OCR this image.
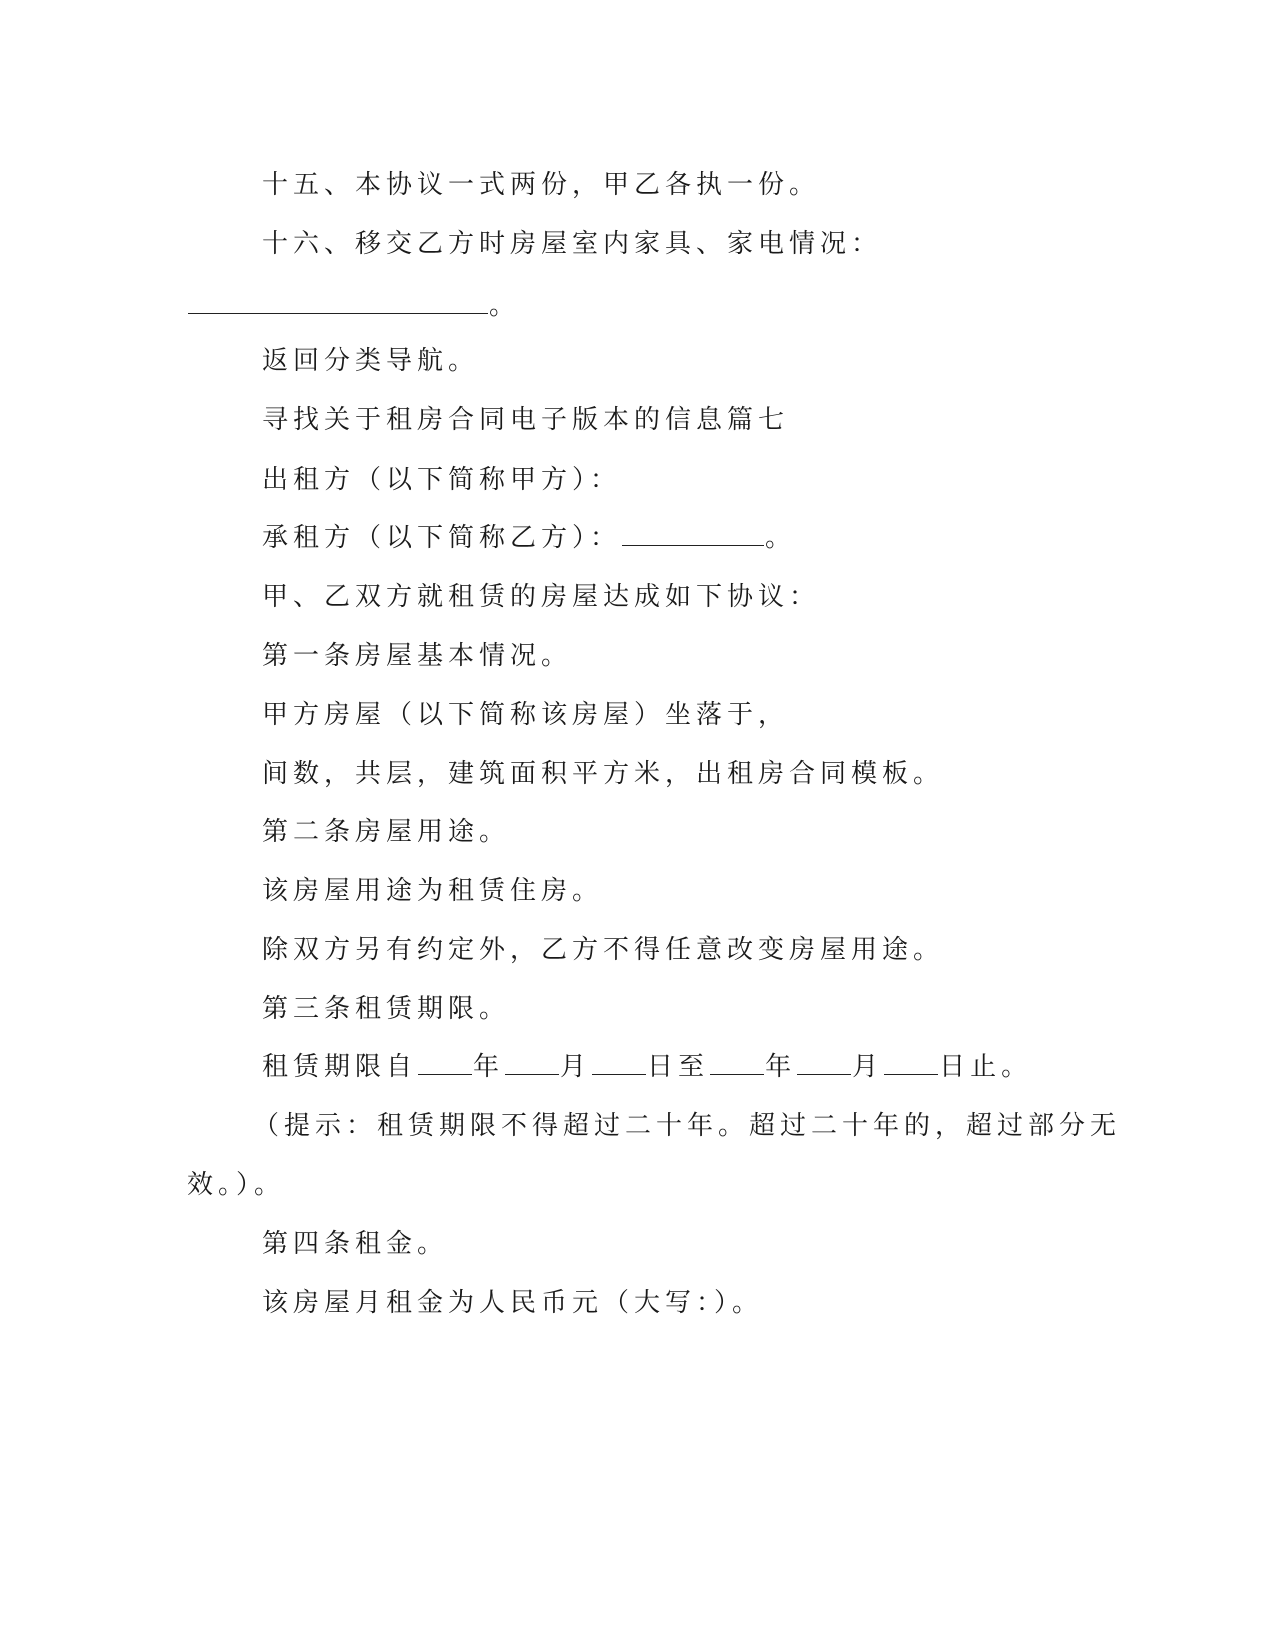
十五、本协议一式两份，甲乙各执一份。
十六、移交乙方时房屋室内家具、家电情况：
。
返回分类导航。
寻找关于租房合同电子版本的信息篇七
出租方（以下简称甲方）：
承租方（以下简称乙方）：	。
甲、乙双方就租赁的房屋达成如下协议：
第一条房屋基本情况。
甲方房屋（以下简称该房屋）坐落于，
间数，共层，建筑面积平方米，出租房合同模板。
第二条房屋用途。
该房屋用途为租赁住房。
除双方另有约定外，乙方不得任意改变房屋用途。
第三条租赁期限。
租赁期限自 年 月 日至 年 月 日止。
（提示：租赁期限不得超过二十年。超过二十年的，超过部分无
效。）。
第四条租金。
该房屋月租金为人民币元（大写：）。
